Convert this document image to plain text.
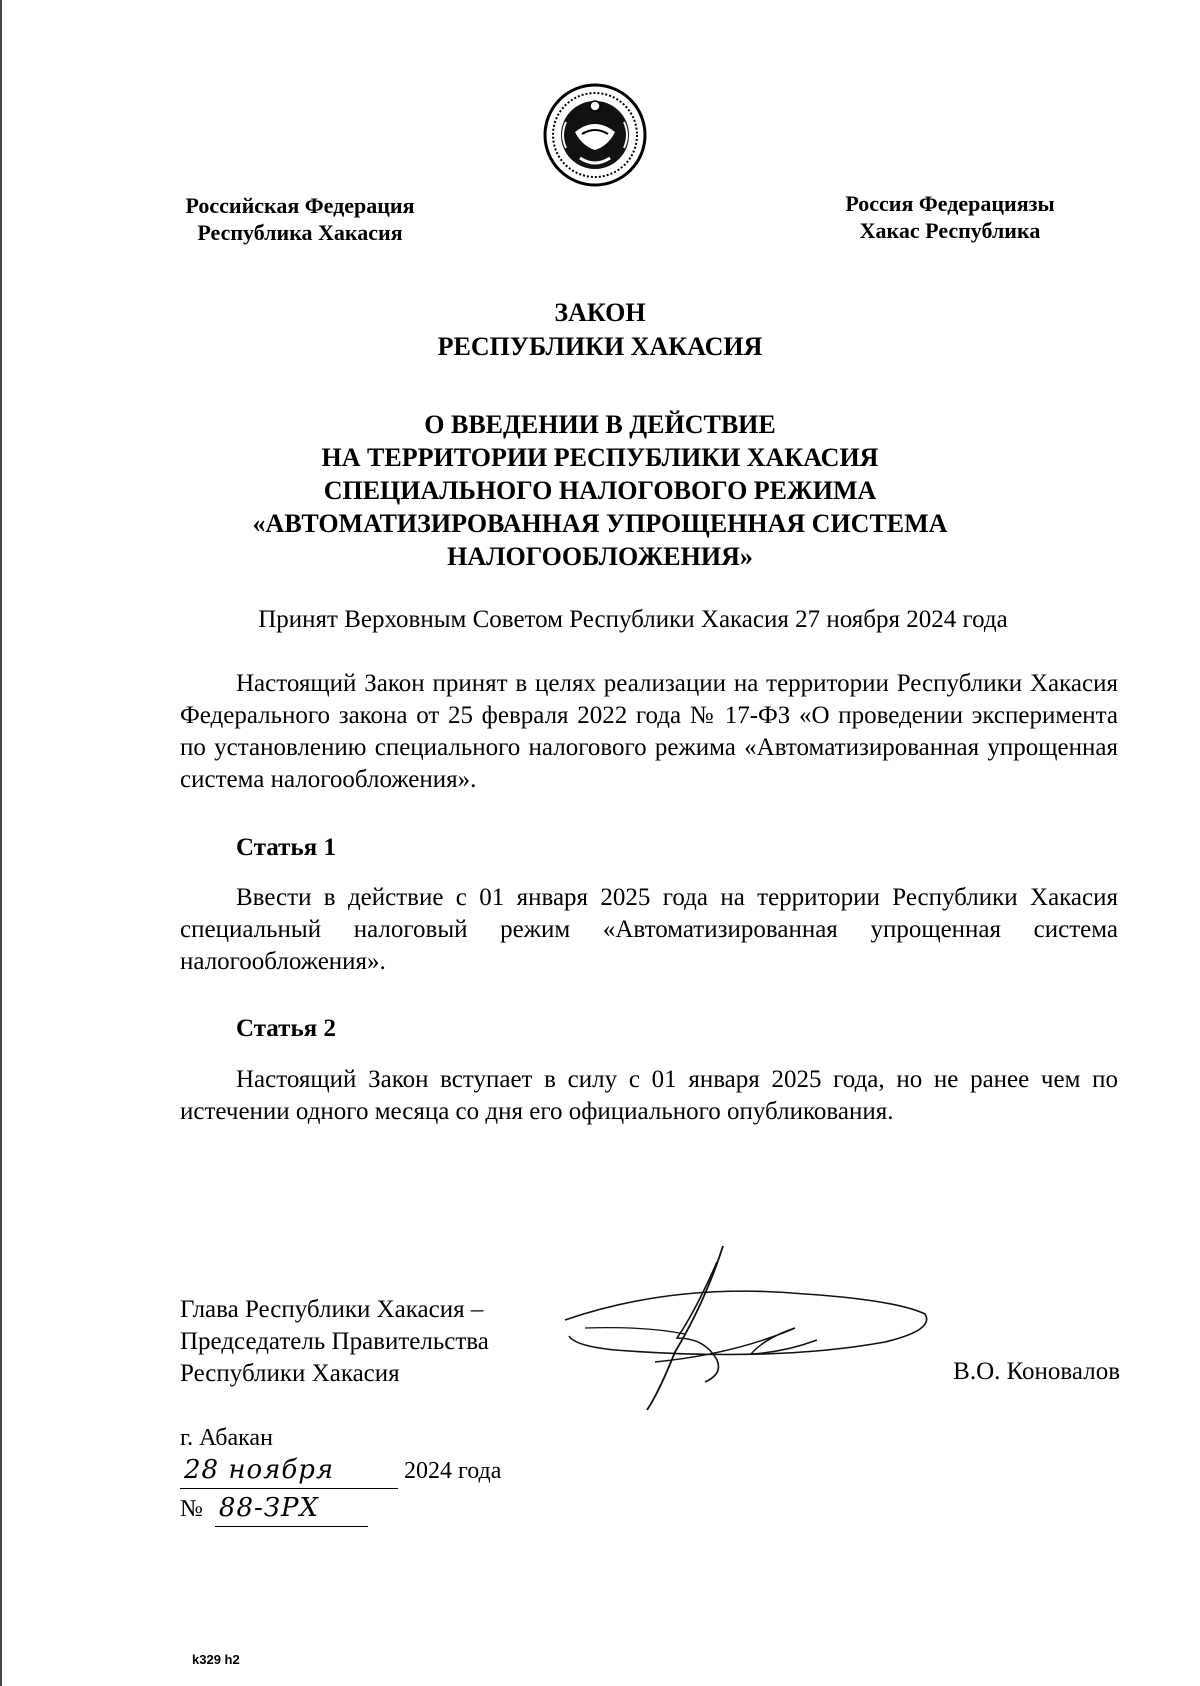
Российская Федерация
Республика Хакасия
Россия Федерациязы
Хакас Республика
ЗАКОН
РЕСПУБЛИКИ ХАКАСИЯ
О ВВЕДЕНИИ В ДЕЙСТВИЕ
НА ТЕРРИТОРИИ РЕСПУБЛИКИ ХАКАСИЯ
СПЕЦИАЛЬНОГО НАЛОГОВОГО РЕЖИМА
«АВТОМАТИЗИРОВАННАЯ УПРОЩЕННАЯ СИСТЕМА
НАЛОГООБЛОЖЕНИЯ»
Принят Верховным Советом Республики Хакасия 27 ноября 2024 года
Настоящий Закон принят в целях реализации на территории Республики Хакасия Федерального закона от 25 февраля 2022 года № 17-ФЗ «О проведении эксперимента по установлению специального налогового режима «Автоматизированная упрощенная система налогообложения».
Статья 1
Ввести в действие с 01 января 2025 года на территории Республики Хакасия специальный налоговый режим «Автоматизированная упрощенная система налогообложения».
Статья 2
Настоящий Закон вступает в силу с 01 января 2025 года, но не ранее чем по истечении одного месяца со дня его официального опубликования.
Глава Республики Хакасия –
Председатель Правительства
Республики Хакасия	В.О. Коновалов
г. Абакан
28 ноября	2024 года
№ 88-ЗРХ
k329 h2
